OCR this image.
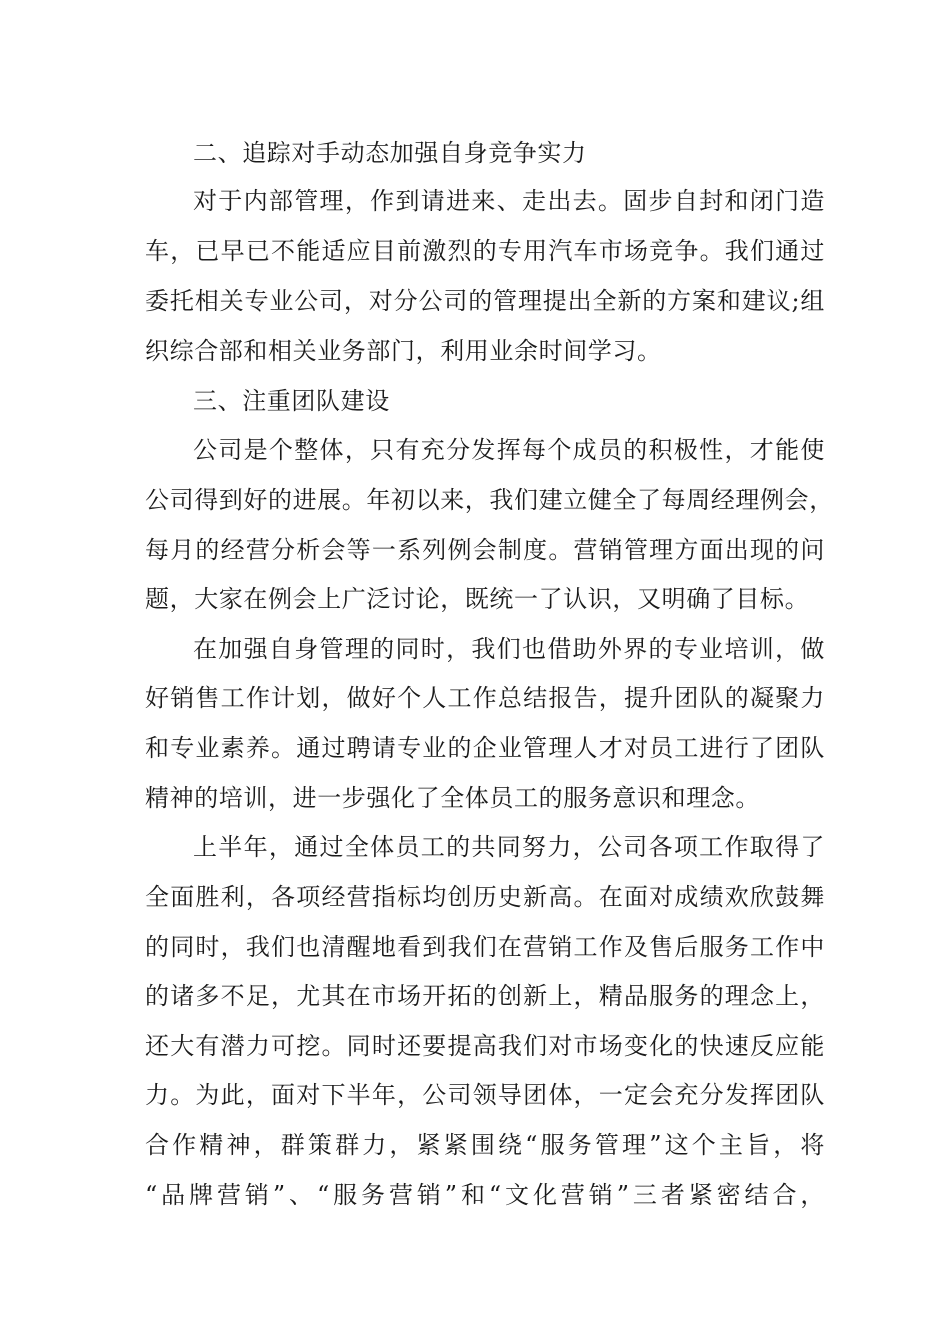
二、追踪对手动态加强自身竞争实力
对于内部管理，作到请进来、走出去。固步自封和闭门造
车，已早已不能适应目前激烈的专用汽车市场竞争。我们通过
委托相关专业公司，对分公司的管理提出全新的方案和建议;组
织综合部和相关业务部门，利用业余时间学习。
三、注重团队建设
公司是个整体，只有充分发挥每个成员的积极性，才能使
公司得到好的进展。年初以来，我们建立健全了每周经理例会，
每月的经营分析会等一系列例会制度。营销管理方面出现的问
题，大家在例会上广泛讨论，既统一了认识，又明确了目标。
在加强自身管理的同时，我们也借助外界的专业培训，做
好销售工作计划，做好个人工作总结报告，提升团队的凝聚力
和专业素养。通过聘请专业的企业管理人才对员工进行了团队
精神的培训，进一步强化了全体员工的服务意识和理念。
上半年，通过全体员工的共同努力，公司各项工作取得了
全面胜利，各项经营指标均创历史新高。在面对成绩欢欣鼓舞
的同时，我们也清醒地看到我们在营销工作及售后服务工作中
的诸多不足，尤其在市场开拓的创新上，精品服务的理念上，
还大有潜力可挖。同时还要提高我们对市场变化的快速反应能
力。为此，面对下半年，公司领导团体，一定会充分发挥团队
合作精神，群策群力，紧紧围绕“服务管理”这个主旨，将
“品牌营销”、“服务营销”和“文化营销”三者紧密结合，
